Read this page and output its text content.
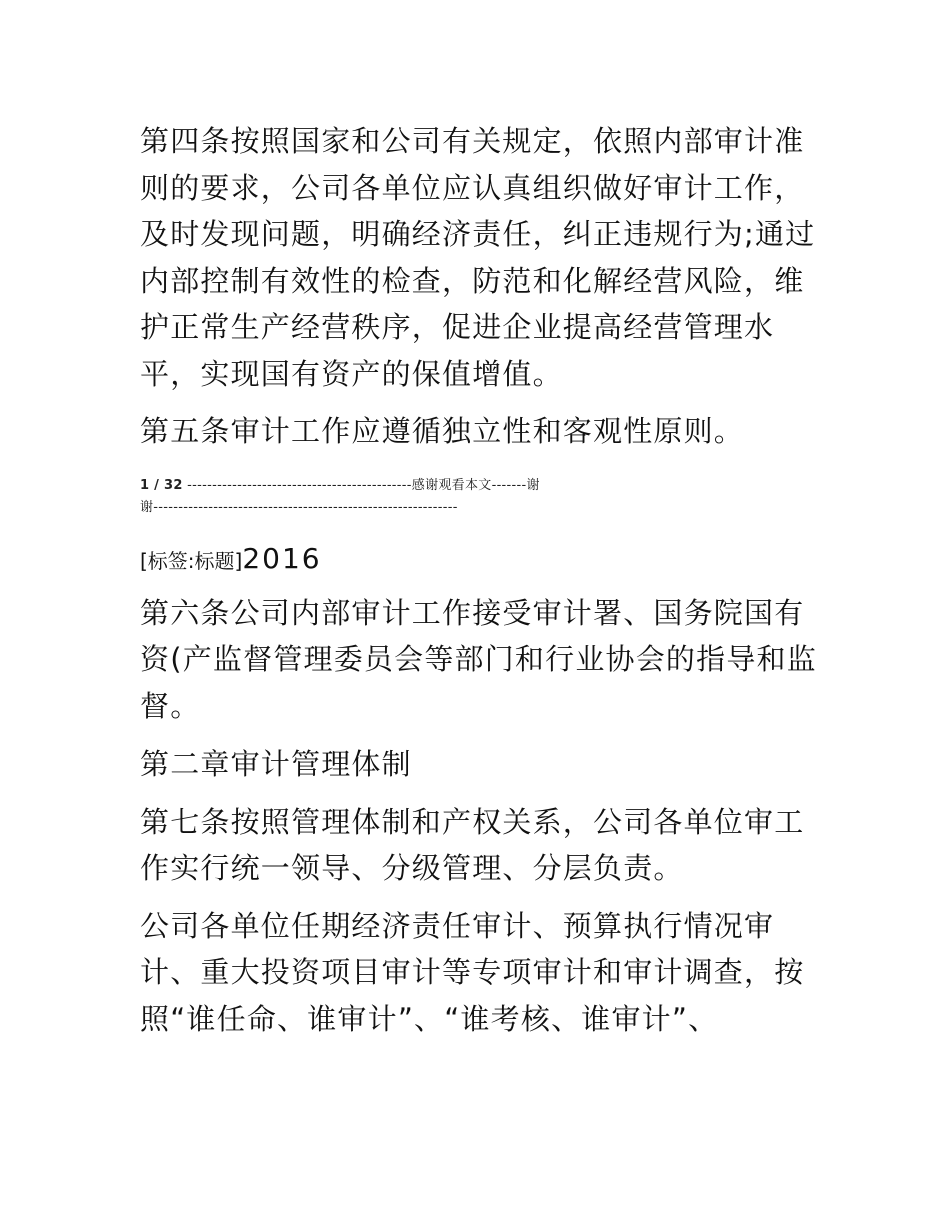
第四条按照国家和公司有关规定，依照内部审计准则的要求，公司各单位应认真组织做好审计工作，及时发现问题，明确经济责任，纠正违规行为;通过内部控制有效性的检查，防范和化解经营风险，维护正常生产经营秩序，促进企业提高经营管理水平，实现国有资产的保值增值。

第五条审计工作应遵循独立性和客观性原则。

1 / 32 ---------------------------------------------感谢观看本文-------谢
谢-------------------------------------------------------------
[标签:标题]2016

第六条公司内部审计工作接受审计署、国务院国有资(产监督管理委员会等部门和行业协会的指导和监督。

第二章审计管理体制

第七条按照管理体制和产权关系，公司各单位审工作实行统一领导、分级管理、分层负责。

公司各单位任期经济责任审计、预算执行情况审计、重大投资项目审计等专项审计和审计调查，按照“谁任命、谁审计”、“谁考核、谁审计”、
